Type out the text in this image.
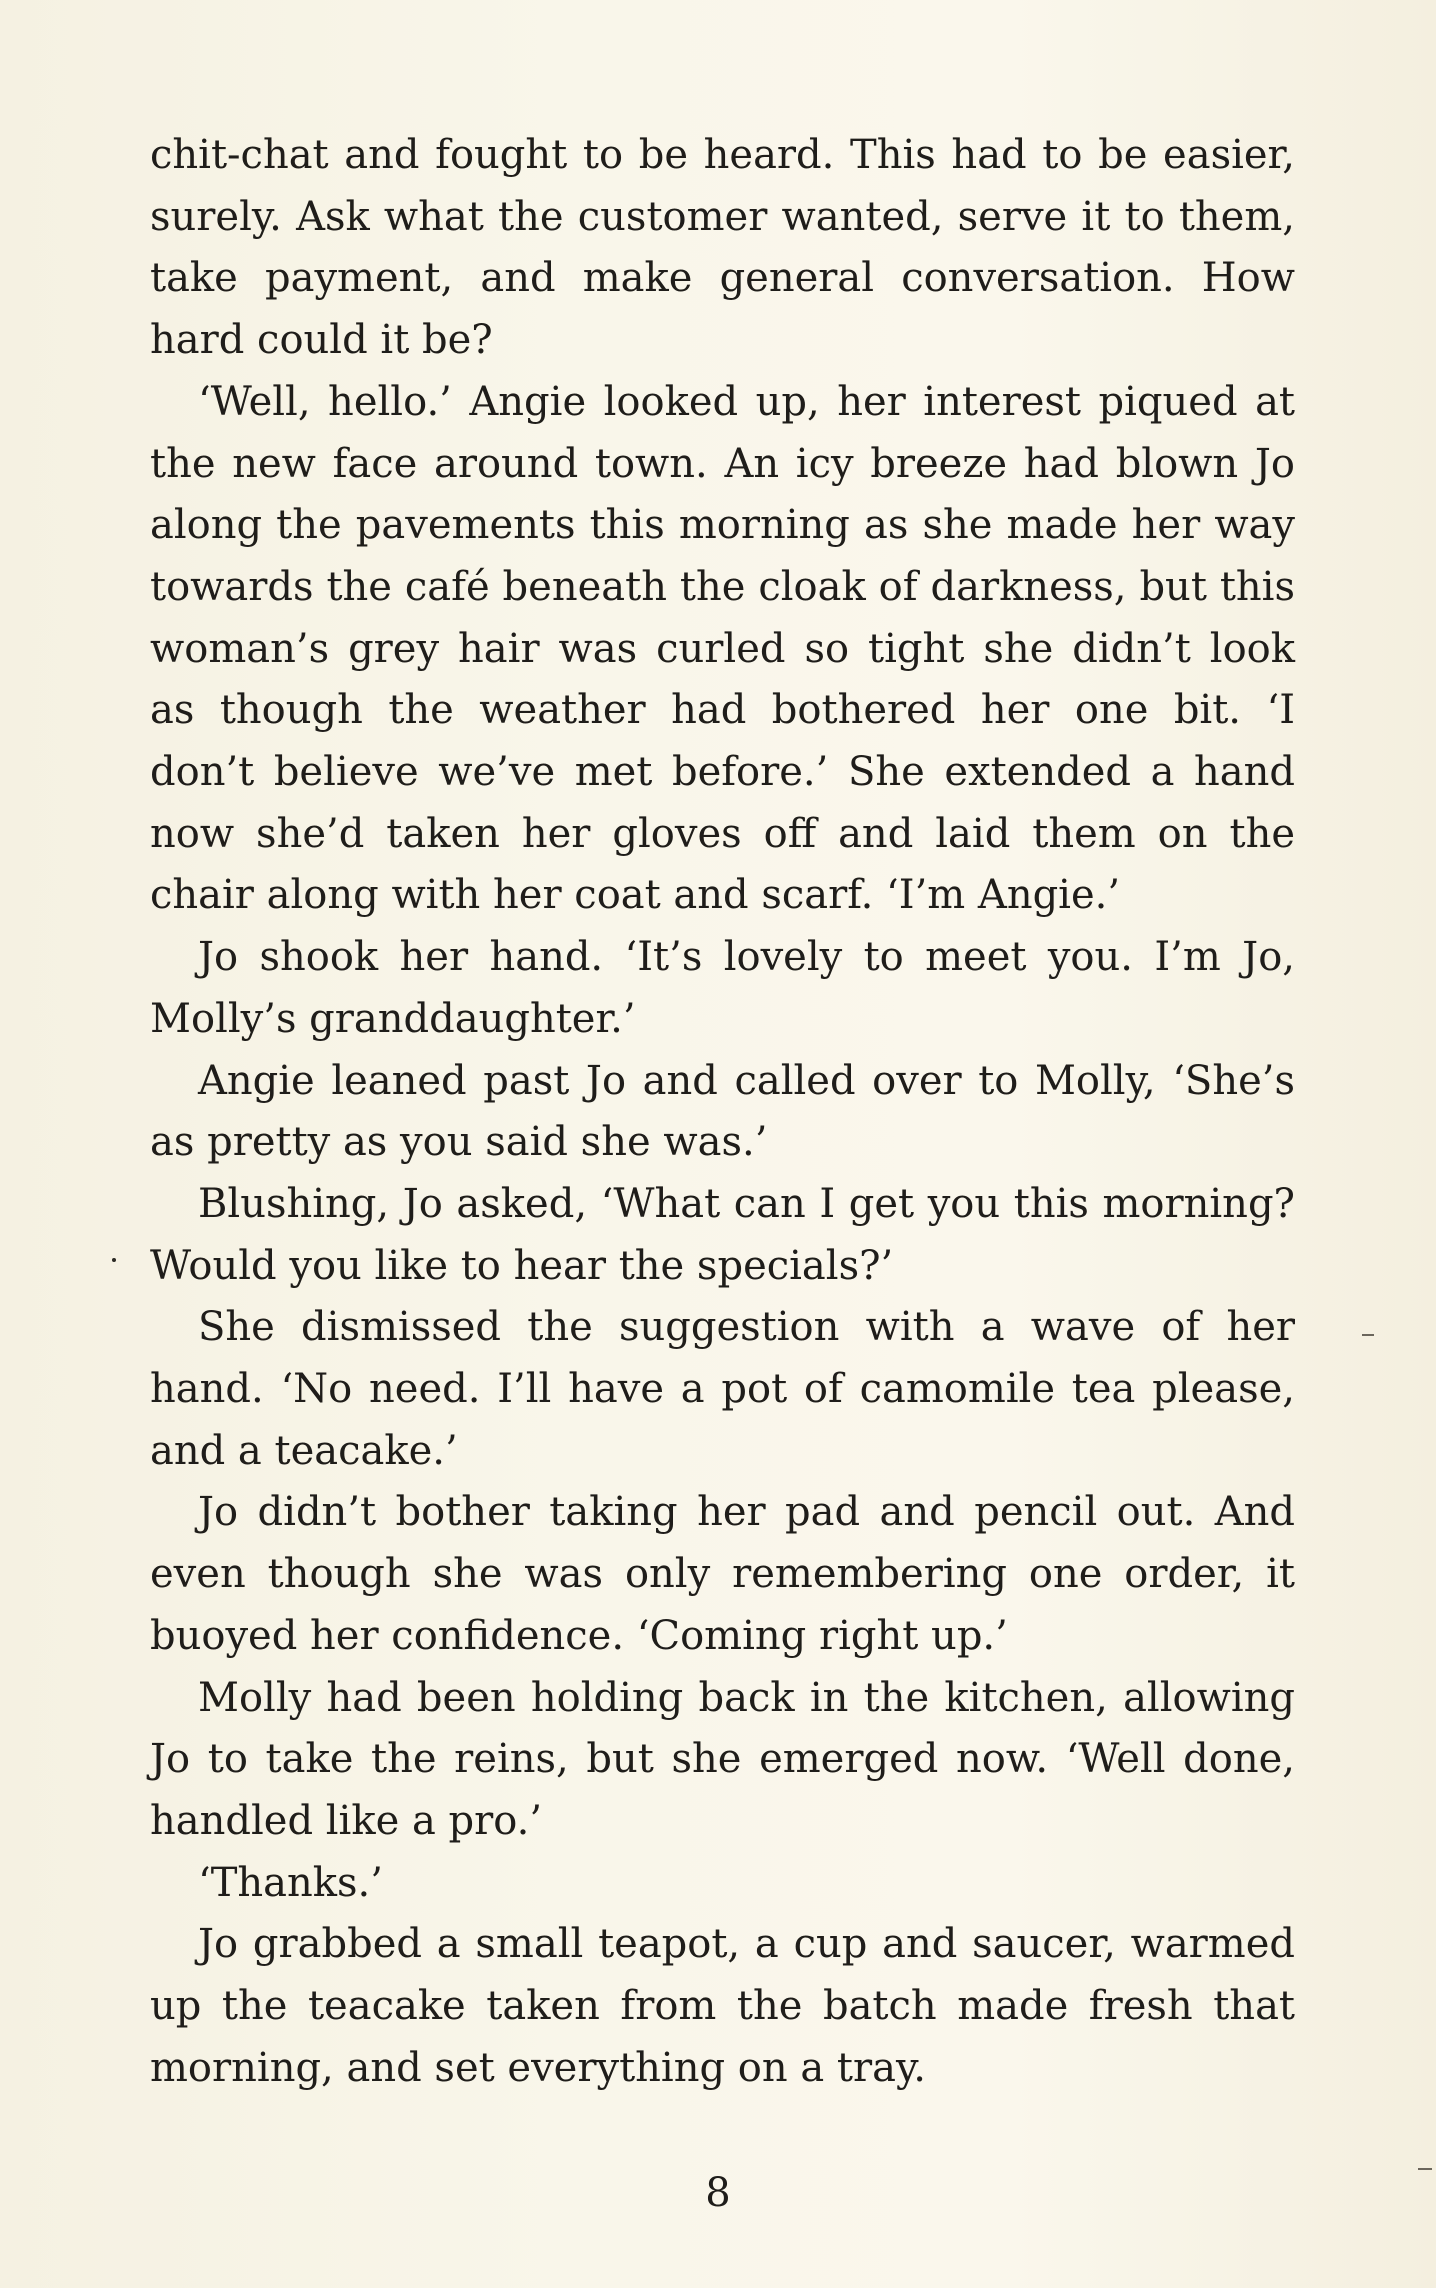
chit-chat and fought to be heard. This had to be easier, surely. Ask what the customer wanted, serve it to them, take payment, and make general conversation. How hard could it be?

‘Well, hello.’ Angie looked up, her interest piqued at the new face around town. An icy breeze had blown Jo along the pavements this morning as she made her way towards the café beneath the cloak of darkness, but this woman’s grey hair was curled so tight she didn’t look as though the weather had bothered her one bit. ‘I don’t believe we’ve met before.’ She extended a hand now she’d taken her gloves off and laid them on the chair along with her coat and scarf. ‘I’m Angie.’

Jo shook her hand. ‘It’s lovely to meet you. I’m Jo, Molly’s granddaughter.’

Angie leaned past Jo and called over to Molly, ‘She’s as pretty as you said she was.’

Blushing, Jo asked, ‘What can I get you this morning? Would you like to hear the specials?’

She dismissed the suggestion with a wave of her hand. ‘No need. I’ll have a pot of camomile tea please, and a teacake.’

Jo didn’t bother taking her pad and pencil out. And even though she was only remembering one order, it buoyed her confidence. ‘Coming right up.’

Molly had been holding back in the kitchen, allowing Jo to take the reins, but she emerged now. ‘Well done, handled like a pro.’

‘Thanks.’

Jo grabbed a small teapot, a cup and saucer, warmed up the teacake taken from the batch made fresh that morning, and set everything on a tray.

8
